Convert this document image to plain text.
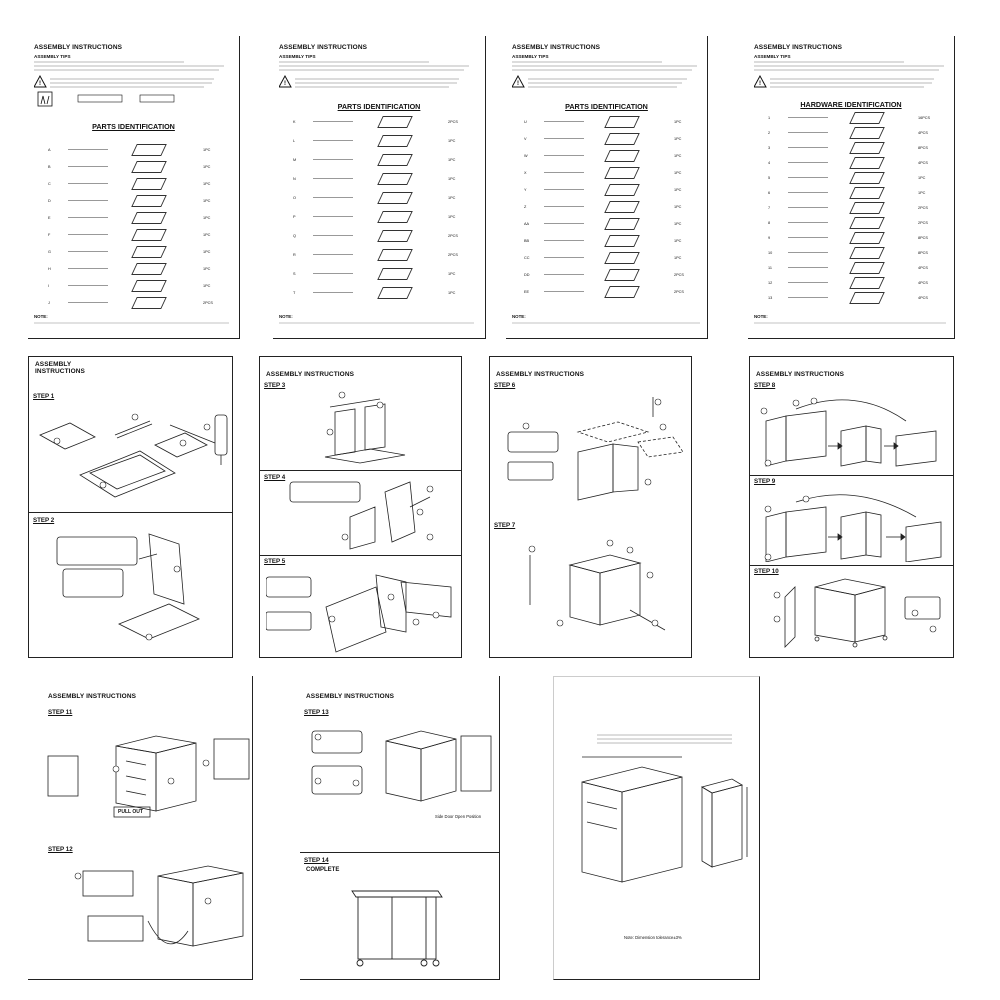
ASSEMBLY INSTRUCTIONS
ASSEMBLY TIPS
!
PARTS IDENTIFICATION
A	1PC
B	1PC
C	1PC
D	1PC
E	1PC
F	1PC
G	1PC
H	1PC
I	1PC
J	2PCS
NOTE:
ASSEMBLY INSTRUCTIONS
ASSEMBLY TIPS
!
PARTS IDENTIFICATION
K	2PCS
L	1PC
M	1PC
N	1PC
O	1PC
P	1PC
Q	2PCS
R	2PCS
S	1PC
T	1PC
NOTE:
ASSEMBLY INSTRUCTIONS
ASSEMBLY TIPS
!
PARTS IDENTIFICATION
U	1PC
V	1PC
W	1PC
X	1PC
Y	1PC
Z	1PC
AA	1PC
BB	1PC
CC	1PC
DD	2PCS
EE	2PCS
NOTE:
ASSEMBLY INSTRUCTIONS
ASSEMBLY TIPS
!
HARDWARE IDENTIFICATION
1	16PCS
2	4PCS
3	8PCS
4	4PCS
5	1PC
6	1PC
7	2PCS
8	2PCS
9	8PCS
10	8PCS
11	4PCS
12	4PCS
13	4PCS
NOTE:
ASSEMBLY INSTRUCTIONS
STEP 1
STEP 2
ASSEMBLY INSTRUCTIONS
STEP 3
STEP 4
STEP 5
ASSEMBLY INSTRUCTIONS
STEP 6
STEP 7
ASSEMBLY INSTRUCTIONS
STEP 8
STEP 9
STEP 10
ASSEMBLY INSTRUCTIONS
STEP 11
PULL OUT
STEP 12
ASSEMBLY INSTRUCTIONS
STEP 13
Side Door Open Position
STEP 14
COMPLETE
Note: Dimension tolerance±3%
